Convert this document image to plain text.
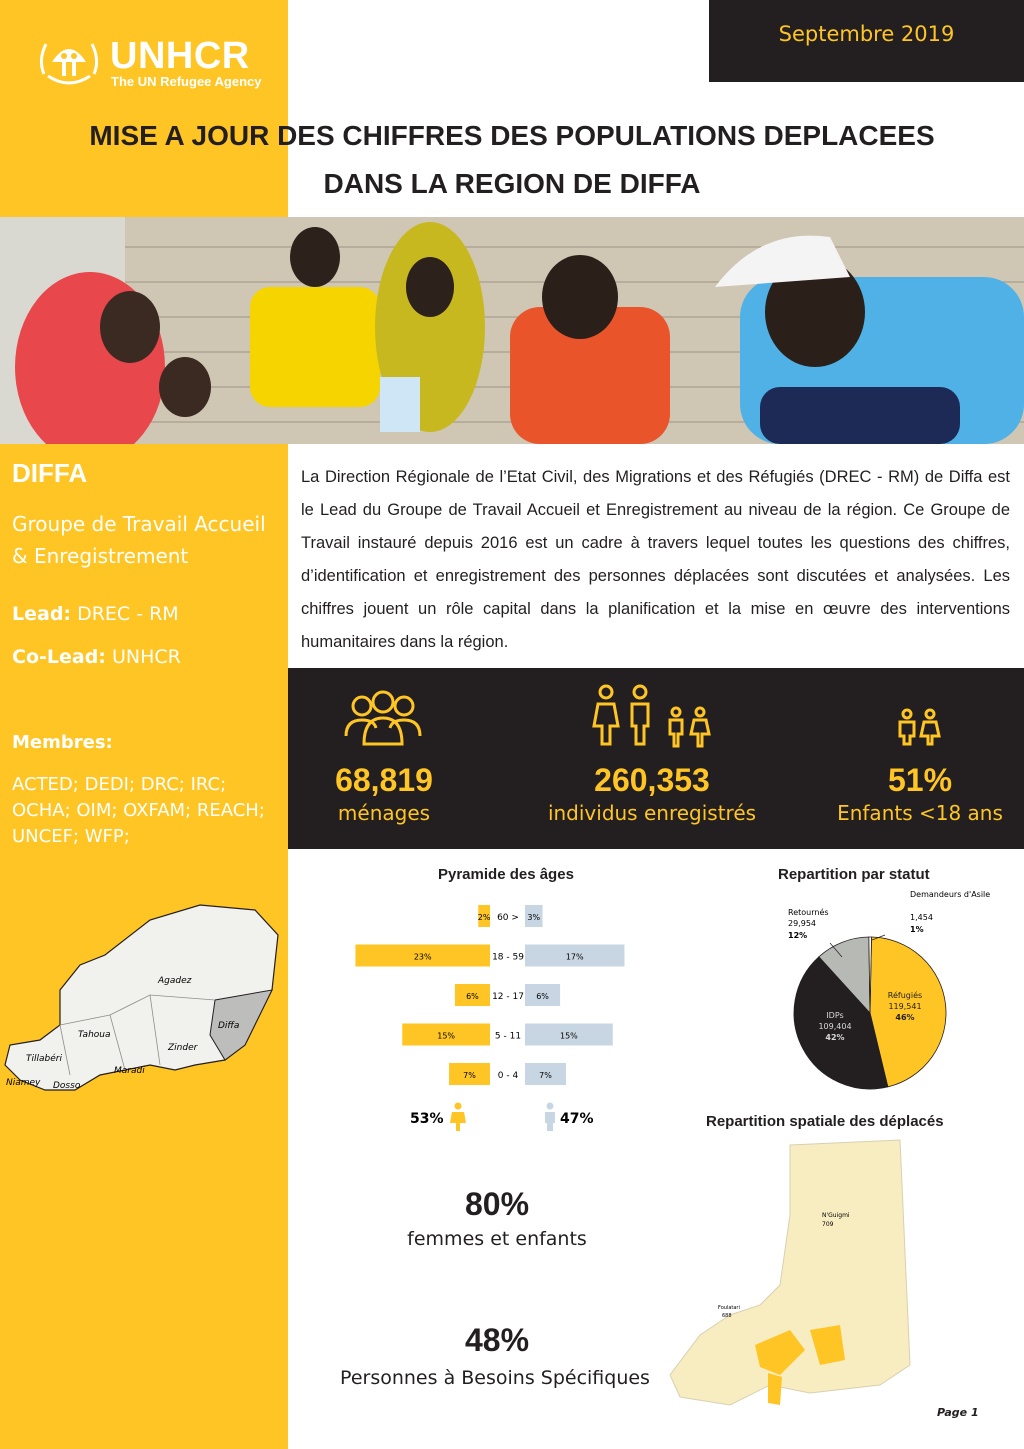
Septembre 2019
UNHCR
The UN Refugee Agency
MISE A JOUR DES CHIFFRES DES POPULATIONS DEPLACEES
DANS LA REGION DE DIFFA
DIFFA
Groupe de Travail Accueil & Enregistrement
Lead: DREC - RM
Co-Lead: UNHCR
Membres:
ACTED; DEDI; DRC; IRC; OCHA; OIM; OXFAM; REACH; UNCEF; WFP;
Agadez
Tahoua
Zinder
Diffa
Tillabéri
Maradi
Niamey Dosso
La Direction Régionale de l’Etat Civil, des Migrations et des Réfugiés (DREC - RM) de Diffa est le Lead du Groupe de Travail Accueil et Enregistrement au niveau de la région. Ce Groupe de Travail instauré depuis 2016 est un cadre à travers lequel toutes les questions des chiffres, d’identification et enregistrement des personnes déplacées sont discutées et analysées. Les chiffres jouent un rôle capital dans la planification et la mise en œuvre des interventions humanitaires dans la région.
68,819
ménages
260,353
individus enregistrés
51%
Enfants <18 ans
Pyramide des âges
60 >
2%	3%
18 - 59
23%	17%
12 - 17
6%	6%
5 - 11
15%	15%
0 - 4
7%	7%
53%	47%
Repartition par statut
Retournés
29,954
12%
Demandeurs d'Asile
1,454
1%
Réfugiés
119,541
46%
IDPs
109,404
42%
Repartition spatiale des déplacés
N'Guigmi
709
Foulatari
688
80%
femmes et enfants
48%
Personnes à Besoins Spécifiques
Page 1
